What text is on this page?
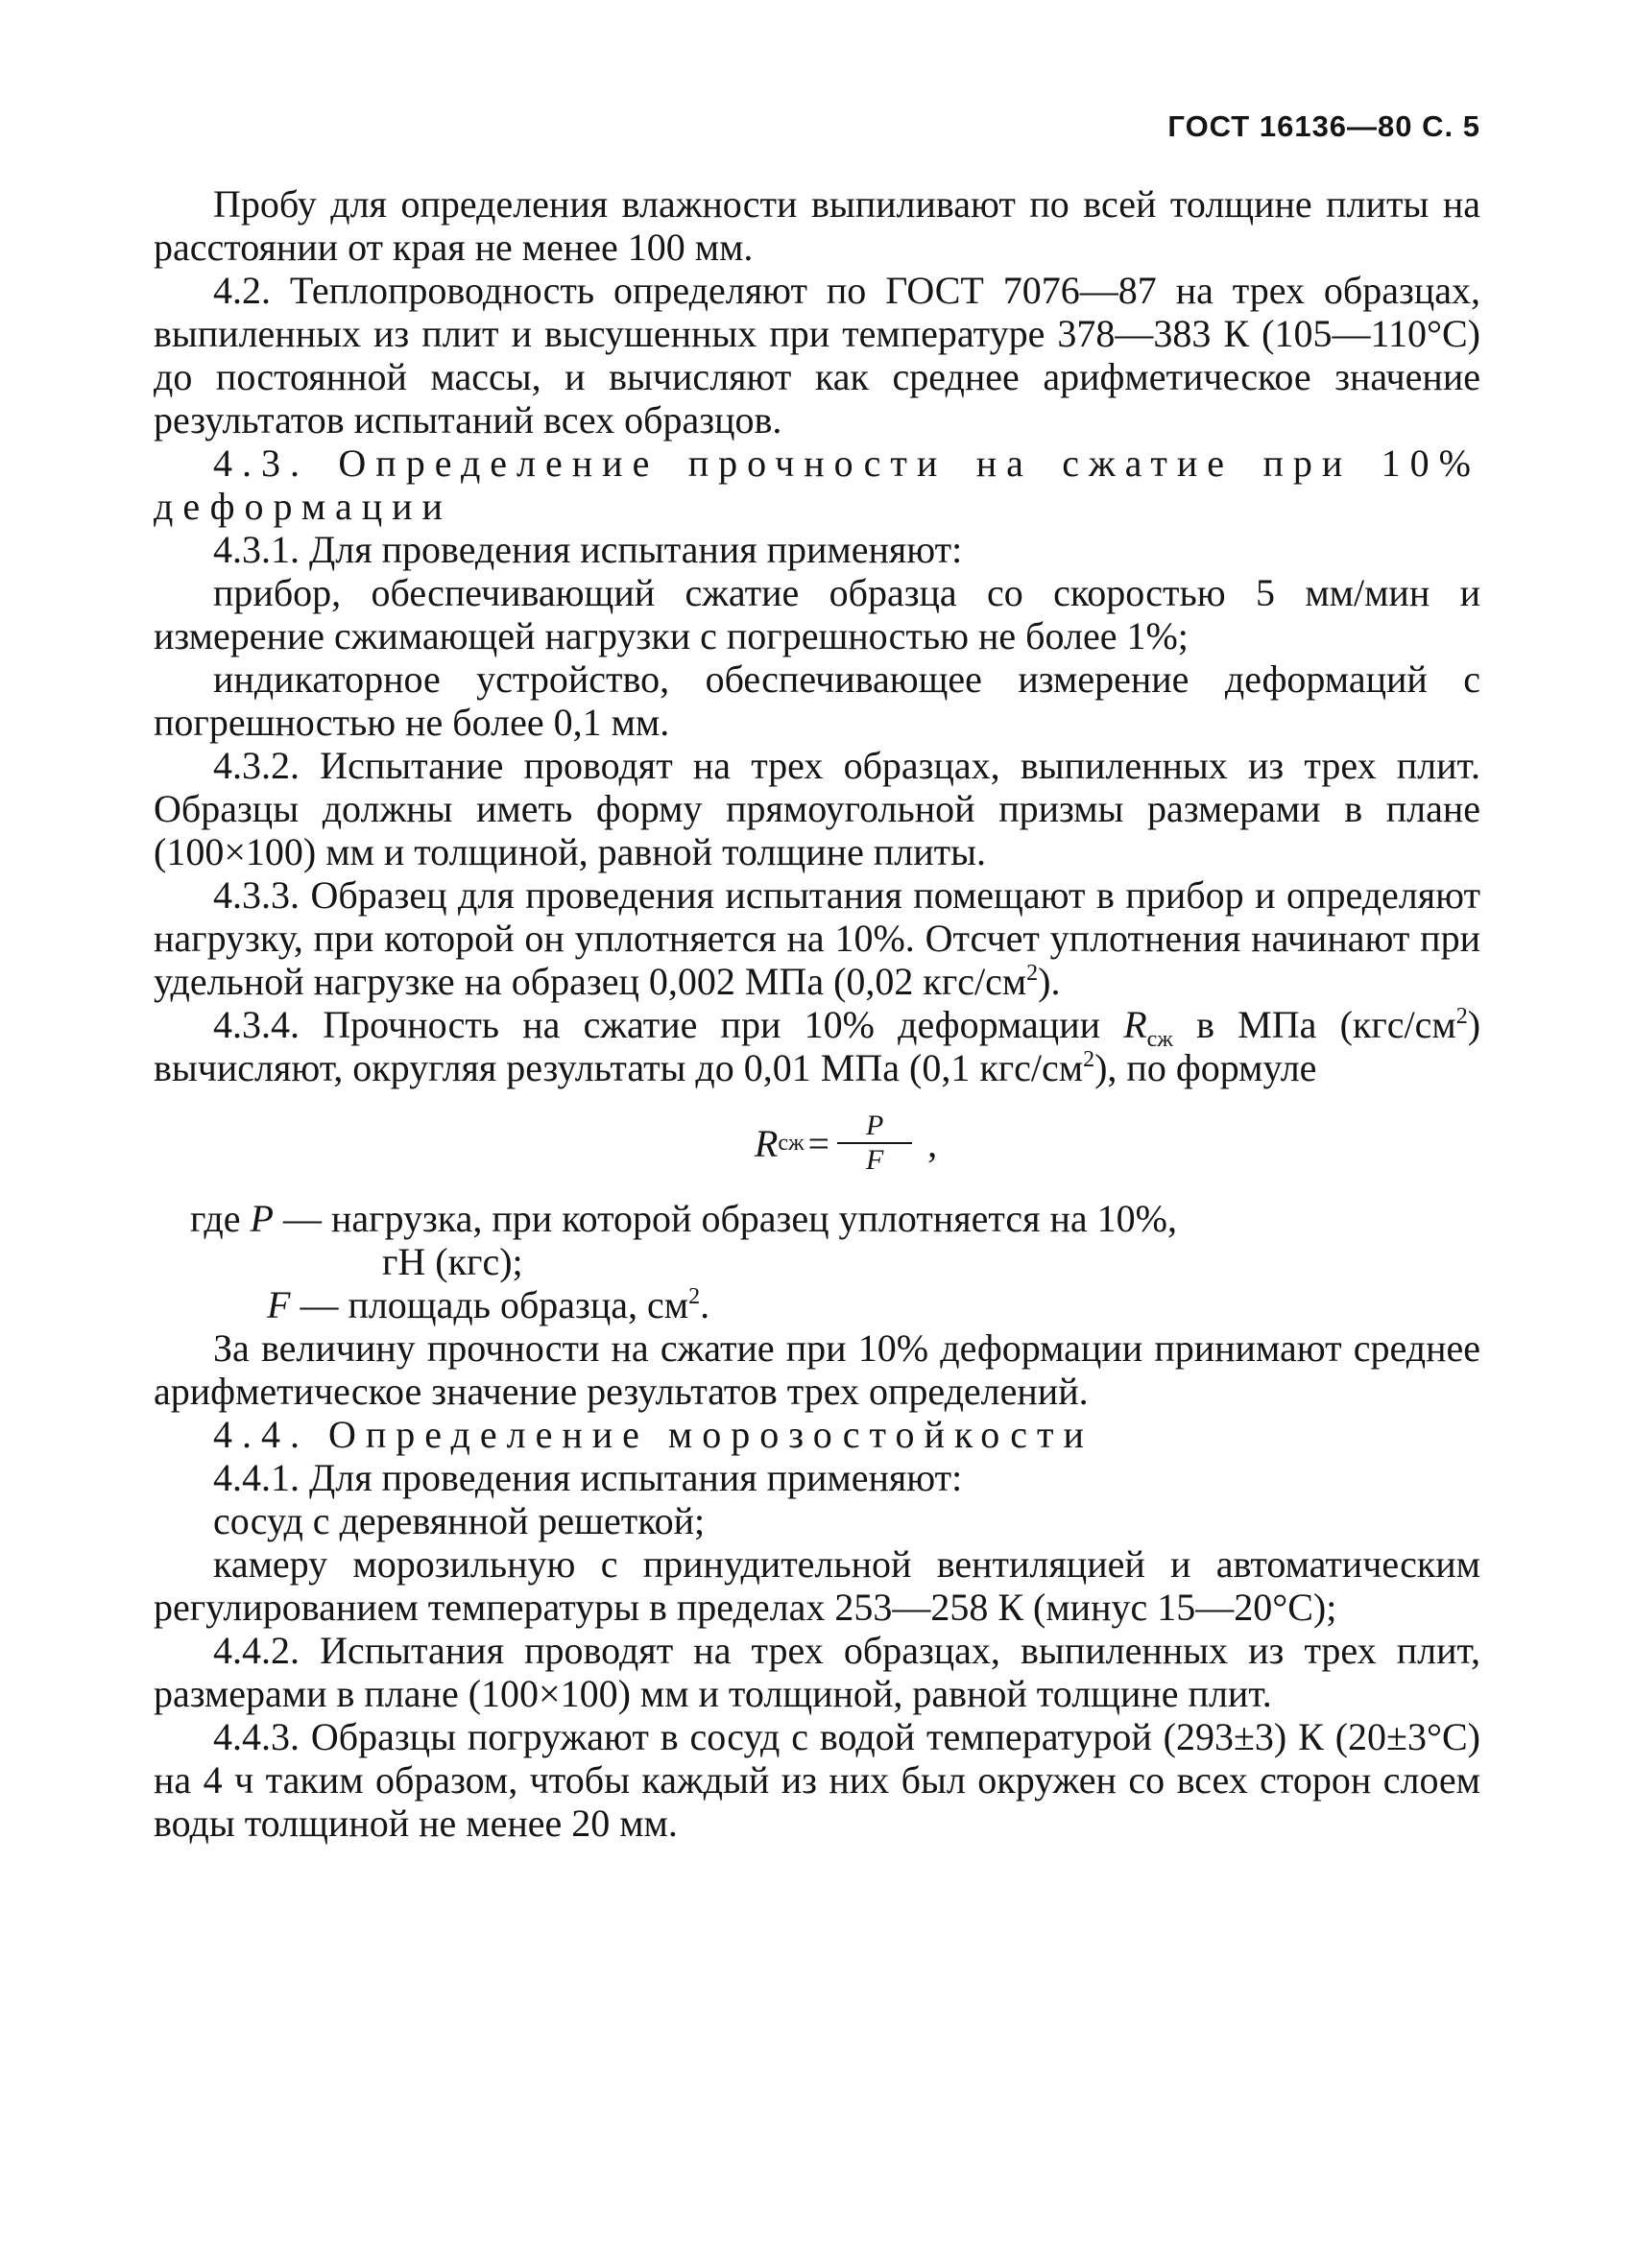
ГОСТ 16136—80 С. 5

Пробу для определения влажности выпиливают по всей толщине плиты на расстоянии от края не менее 100 мм.

4.2. Теплопроводность определяют по ГОСТ 7076—87 на трех образцах, выпиленных из плит и высушенных при температуре 378—383 К (105—110°С) до постоянной массы, и вычисляют как среднее арифметическое значение результатов испытаний всех образцов.

4.3. Определение прочности на сжатие при 10% деформации

4.3.1. Для проведения испытания применяют:

прибор, обеспечивающий сжатие образца со скоростью 5 мм/мин и измерение сжимающей нагрузки с погрешностью не более 1%;

индикаторное устройство, обеспечивающее измерение деформаций с погрешностью не более 0,1 мм.

4.3.2. Испытание проводят на трех образцах, выпиленных из трех плит. Образцы должны иметь форму прямоугольной призмы размерами в плане (100×100) мм и толщиной, равной толщине плиты.

4.3.3. Образец для проведения испытания помещают в прибор и определяют нагрузку, при которой он уплотняется на 10%. Отсчет уплотнения начинают при удельной нагрузке на образец 0,002 МПа (0,02 кгс/$см^2$).

4.3.4. Прочность на сжатие при 10% деформации $R_{сж}$ в МПа $(кгс/см^2)$ вычисляют, округляя результаты до 0,01 МПа (0,1 кгс/$см^2$), по формуле

R сж = $\frac{P}{F}$ ,

где P — нагрузка, при которой образец уплотняется на 10%,

гН (кгс);

F — площадь образца, $см^2$.

За величину прочности на сжатие при 10% деформации принимают среднее арифметическое значение результатов трех определений.

4.4. Определение морозостойкости

4.4.1. Для проведения испытания применяют:

сосуд с деревянной решеткой;

камеру морозильную с принудительной вентиляцией и автоматическим регулированием температуры в пределах 253—258 К (минус 15—20°С);

4.4.2. Испытания проводят на трех образцах, выпиленных из трех плит, размерами в плане (100×100) мм и толщиной, равной толщине плит.

4.4.3. Образцы погружают в сосуд с водой температурой (293±3) К (20±3°С) на 4 ч таким образом, чтобы каждый из них был окружен со всех сторон слоем воды толщиной не менее 20 мм.
